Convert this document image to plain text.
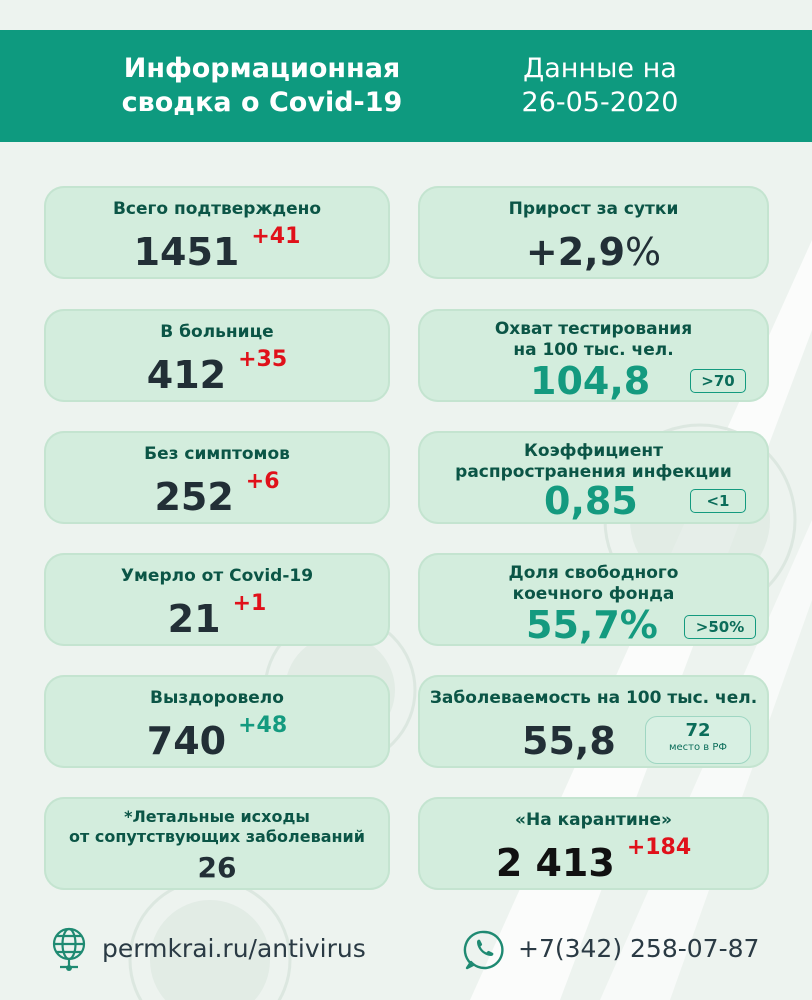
Информационная
сводка о Covid-19
Данные на
26-05-2020
Всего подтверждено
1451 +41
В больнице
412 +35
Без симптомов
252 +6
Умерло от Covid-19
21 +1
Выздоровело
740 +48
*Летальные исходы
от сопутствующих заболеваний
26
Прирост за сутки
+2,9%
Охват тестирования
на 100 тыс. чел.
104,8	>70
Коэффициент
распространения инфекции
0,85	<1
Доля свободного
коечного фонда
55,7%	>50%
Заболеваемость на 100 тыс. чел.
55,8	72
место в РФ
«На карантине»
2 413 +184
permkrai.ru/antivirus	+7(342) 258-07-87
